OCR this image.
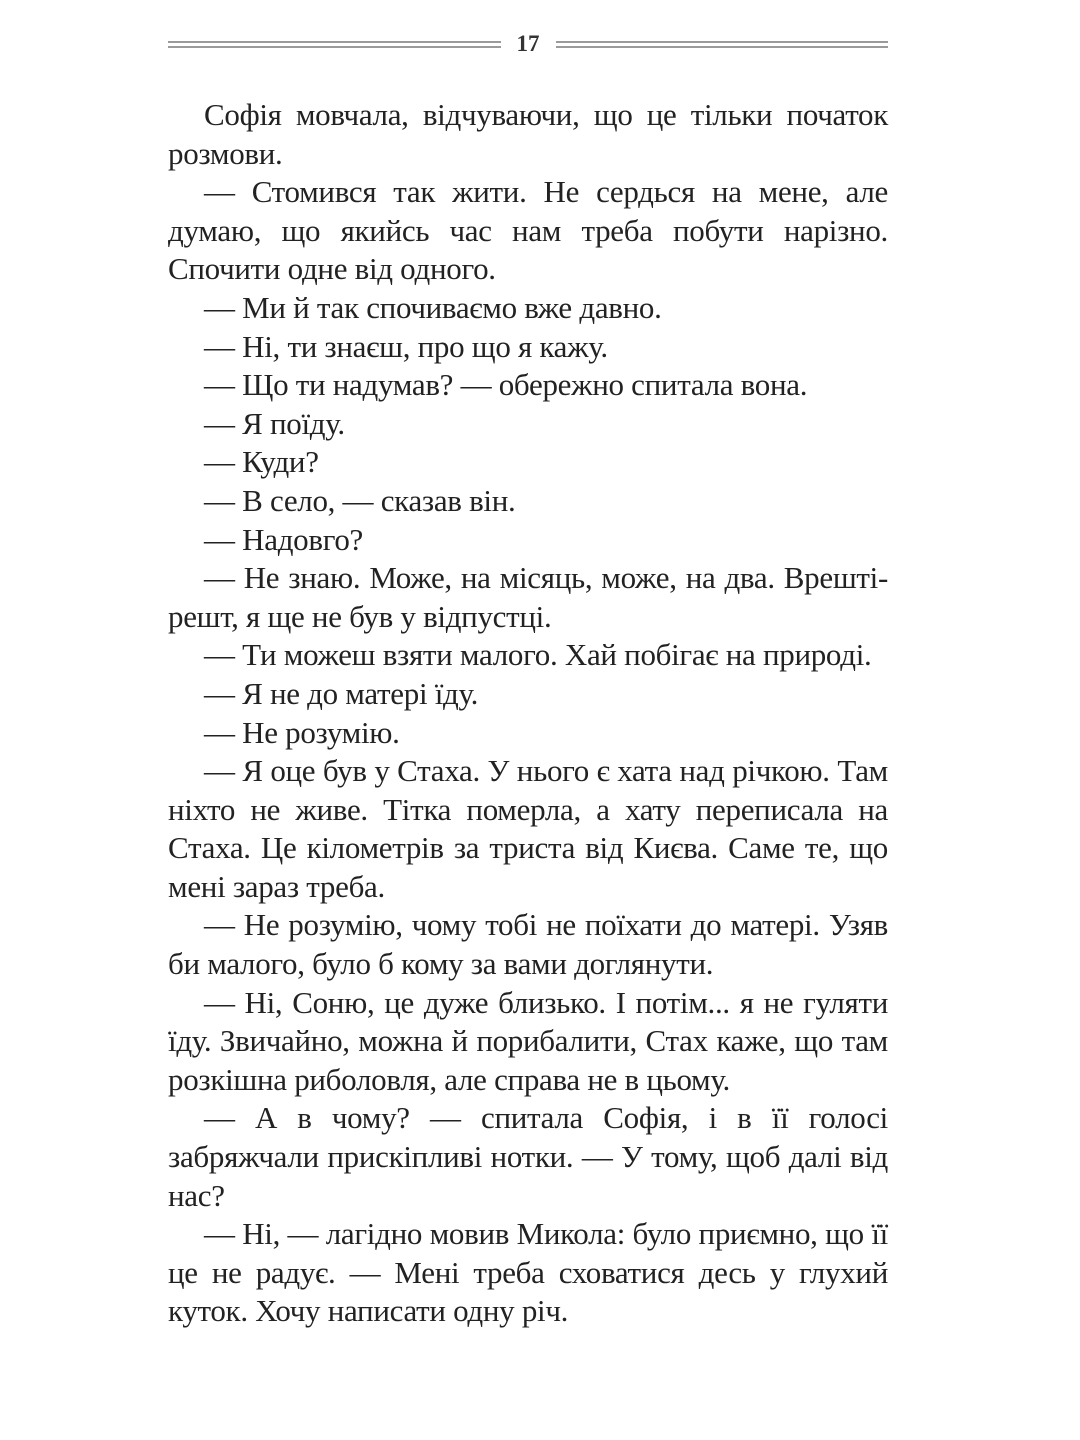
17

Софія мовчала, відчуваючи, що це тільки початок розмови.

— Стомився так жити. Не сердься на мене, але думаю, що якийсь час нам треба побути нарізно. Спочити одне від одного.

— Ми й так спочиваємо вже давно.

— Ні, ти знаєш, про що я кажу.

— Що ти надумав? — обережно спитала вона.

— Я поїду.

— Куди?

— В село, — сказав він.

— Надовго?

— Не знаю. Може, на місяць, може, на два. Врешті-решт, я ще не був у відпустці.

— Ти можеш взяти малого. Хай побігає на природі.

— Я не до матері їду.

— Не розумію.

— Я оце був у Стаха. У нього є хата над річкою. Там ніхто не живе. Тітка померла, а хату переписала на Стаха. Це кілометрів за триста від Києва. Саме те, що мені зараз треба.

— Не розумію, чому тобі не поїхати до матері. Узяв би малого, було б кому за вами доглянути.

— Ні, Соню, це дуже близько. І потім... я не гуляти їду. Звичайно, можна й порибалити, Стах каже, що там розкішна риболовля, але справа не в цьому.

— А в чому? — спитала Софія, і в її голосі забряжчали прискіпливі нотки. — У тому, щоб далі від нас?

— Ні, — лагідно мовив Микола: було приємно, що її це не радує. — Мені треба сховатися десь у глухий куток. Хочу написати одну річ.
